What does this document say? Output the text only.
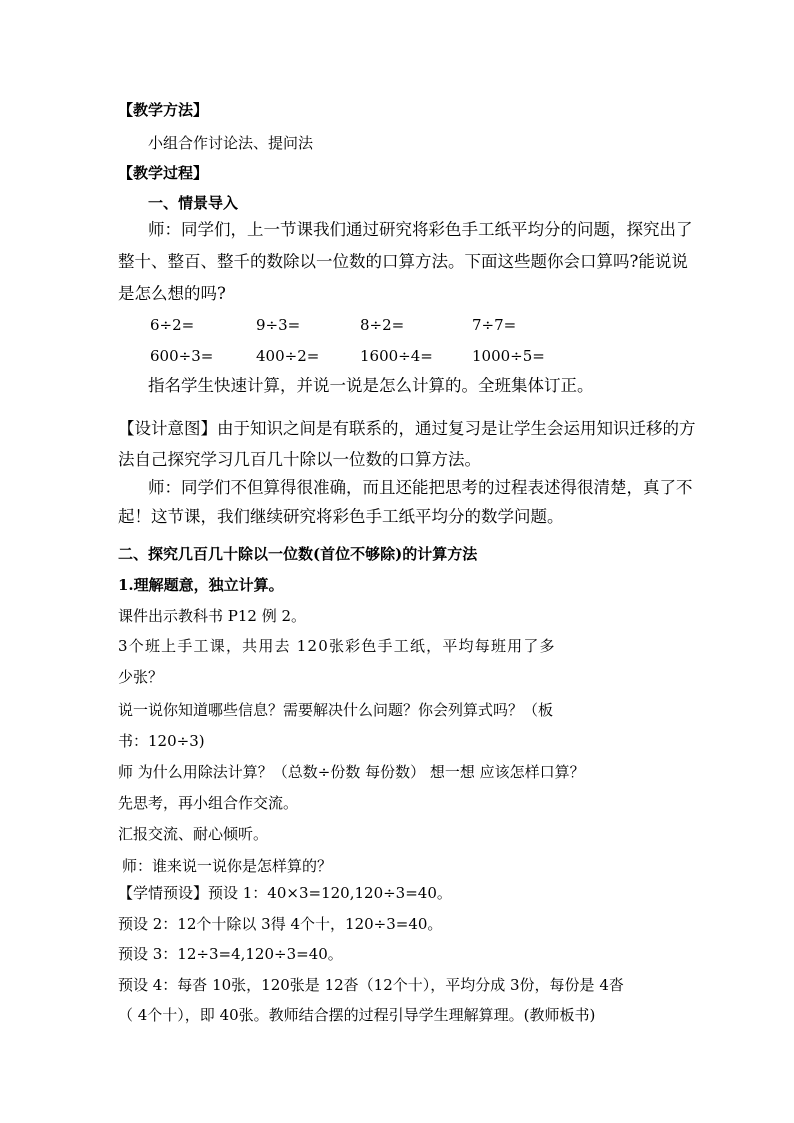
【教学方法】
小组合作讨论法、提问法
【教学过程】
一、情景导入
师：同学们，上一节课我们通过研究将彩色手工纸平均分的问题，探究出了
整十、整百、整千的数除以一位数的口算方法。下面这些题你会口算吗?能说说
是怎么想的吗?
6÷2=	9÷3=	8÷2=	7÷7=
600÷3=	400÷2=	1600÷4=	1000÷5=
指名学生快速计算，并说一说是怎么计算的。全班集体订正。
【设计意图】由于知识之间是有联系的，通过复习是让学生会运用知识迁移的方
法自己探究学习几百几十除以一位数的口算方法。
师：同学们不但算得很准确，而且还能把思考的过程表述得很清楚，真了不
起！这节课，我们继续研究将彩色手工纸平均分的数学问题。
二、探究几百几十除以一位数(首位不够除)的计算方法
1.理解题意，独立计算。
课件出示教科书 P12 例 2。
3个班上手工课，共用去 120张彩色手工纸，平均每班用了多
少张？
说一说你知道哪些信息？需要解决什么问题？你会列算式吗？（板
书：120÷3)
师 为什么用除法计算？（总数÷份数 每份数） 想一想 应该怎样口算？
先思考，再小组合作交流。
汇报交流、耐心倾听。
师：谁来说一说你是怎样算的？
【学情预设】预设 1：40×3=120,120÷3=40。
预设 2：12个十除以 3得 4个十，120÷3=40。
预设 3：12÷3=4,120÷3=40。
预设 4：每沓 10张，120张是 12沓（12个十），平均分成 3份，每份是 4沓
（ 4个十），即 40张。教师结合摆的过程引导学生理解算理。(教师板书)
